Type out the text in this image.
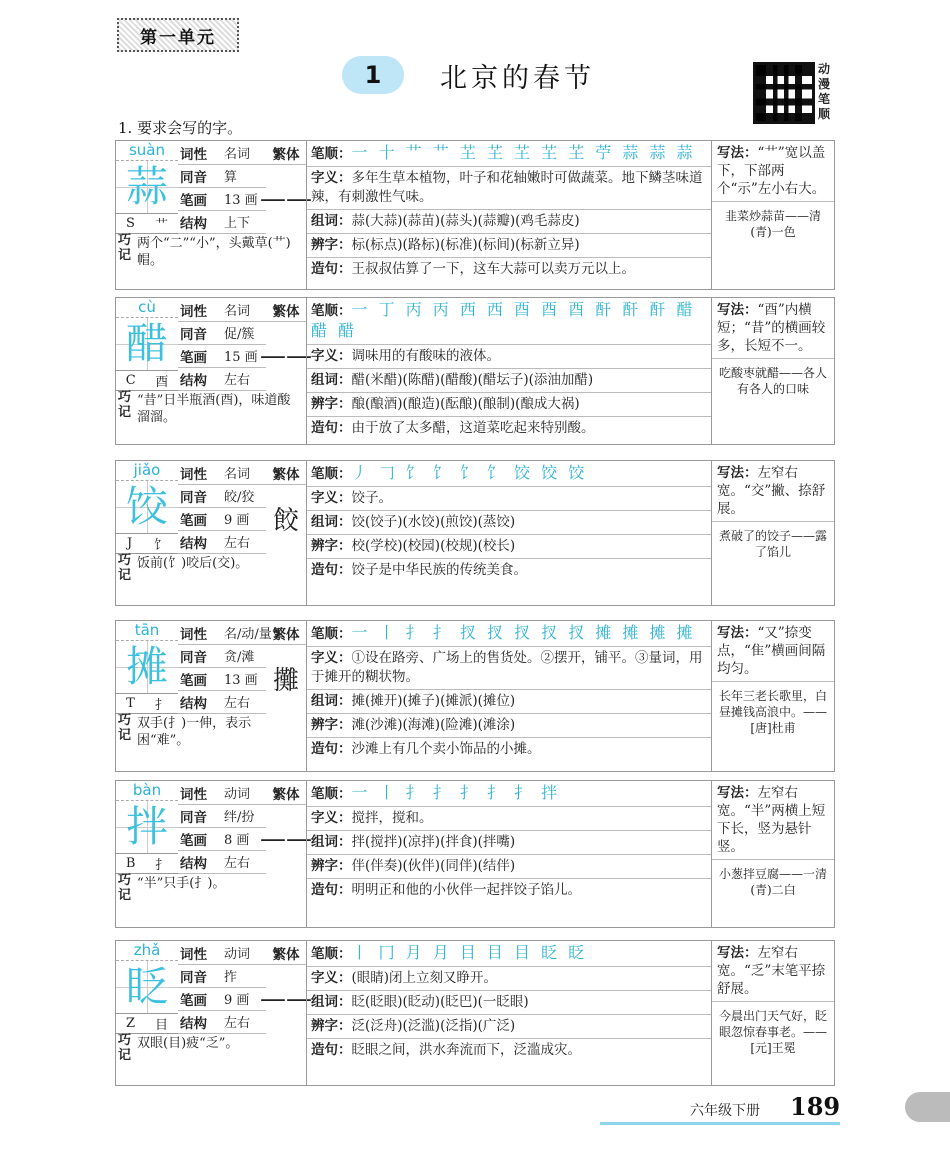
第一单元
1	北京的春节	动漫笔顺
1. 要求会写的字。
suàn
蒜
S 艹
词性	名词
同音	算
笔画	13 画
结构	上下
繁体
——
巧记
两个“二”“小”，头戴草(艹)帽。
笔顺：一 十 艹 艹 芏 芏 芏 芏 芏 苧 蒜 蒜 蒜
字义：多年生草本植物，叶子和花轴嫩时可做蔬菜。地下鳞茎味道辣，有刺激性气味。
组词：蒜(大蒜)(蒜苗)(蒜头)(蒜瓣)(鸡毛蒜皮)
辨字：标(标点)(路标)(标准)(标间)(标新立异)
造句：王叔叔估算了一下，这车大蒜可以卖万元以上。
写法：“艹”宽以盖下，下部两个“示”左小右大。
韭菜炒蒜苗——清(青)一色
cù
醋
C 酉
词性	名词
同音	促/簇
笔画	15 画
结构	左右
繁体
——
巧记
“昔”日半瓶酒(酉)，味道酸溜溜。
笔顺：一 丁 丙 丙 西 西 酉 酉 酉 酐 酐 酐 醋 醋 醋
字义：调味用的有酸味的液体。
组词：醋(米醋)(陈醋)(醋酸)(醋坛子)(添油加醋)
辨字：酿(酿酒)(酿造)(酝酿)(酿制)(酿成大祸)
造句：由于放了太多醋，这道菜吃起来特别酸。
写法：“酉”内横短；“昔”的横画较多，长短不一。
吃酸枣就醋——各人有各人的口味
jiǎo
饺
J 饣
词性	名词
同音	皎/狡
笔画	9 画
结构	左右
繁体
餃
巧记
饭前(饣)咬后(交)。
笔顺：丿 𠃌 饣 饣 饣 饣 饺 饺 饺
字义：饺子。
组词：饺(饺子)(水饺)(煎饺)(蒸饺)
辨字：校(学校)(校园)(校规)(校长)
造句：饺子是中华民族的传统美食。
写法：左窄右宽。“交”撇、捺舒展。
煮破了的饺子——露了馅儿
tān
摊
T 扌
词性	名/动/量
同音	贪/滩
笔画	13 画
结构	左右
繁体
攤
巧记
双手(扌)一伸，表示困“难”。
笔顺：一 丨 扌 扌 扠 扠 扠 扠 扠 摊 摊 摊 摊
字义：①设在路旁、广场上的售货处。②摆开，铺平。③量词，用于摊开的糊状物。
组词：摊(摊开)(摊子)(摊派)(摊位)
辨字：滩(沙滩)(海滩)(险滩)(滩涂)
造句：沙滩上有几个卖小饰品的小摊。
写法：“又”捺变点，“隹”横画间隔均匀。
长年三老长歌里，白昼摊钱高浪中。——[唐]杜甫
bàn
拌
B 扌
词性	动词
同音	绊/扮
笔画	8 画
结构	左右
繁体
——
巧记
“半”只手(扌)。
笔顺：一 丨 扌 扌 扌 扌 扌 拌
字义：搅拌，搅和。
组词：拌(搅拌)(凉拌)(拌食)(拌嘴)
辨字：伴(伴奏)(伙伴)(同伴)(结伴)
造句：明明正和他的小伙伴一起拌饺子馅儿。
写法：左窄右宽。“半”两横上短下长，竖为悬针竖。
小葱拌豆腐——一清(青)二白
zhǎ
眨
Z 目
词性	动词
同音	拃
笔画	9 画
结构	左右
繁体
——
巧记
双眼(目)疲“乏”。
笔顺：丨 冂 月 月 目 目 目 眨 眨
字义：(眼睛)闭上立刻又睁开。
组词：眨(眨眼)(眨动)(眨巴)(一眨眼)
辨字：泛(泛舟)(泛滥)(泛指)(广泛)
造句：眨眼之间，洪水奔流而下，泛滥成灾。
写法：左窄右宽。“乏”末笔平捺舒展。
今晨出门天气好，眨眼忽惊春事老。——[元]王冕
六年级下册 189
